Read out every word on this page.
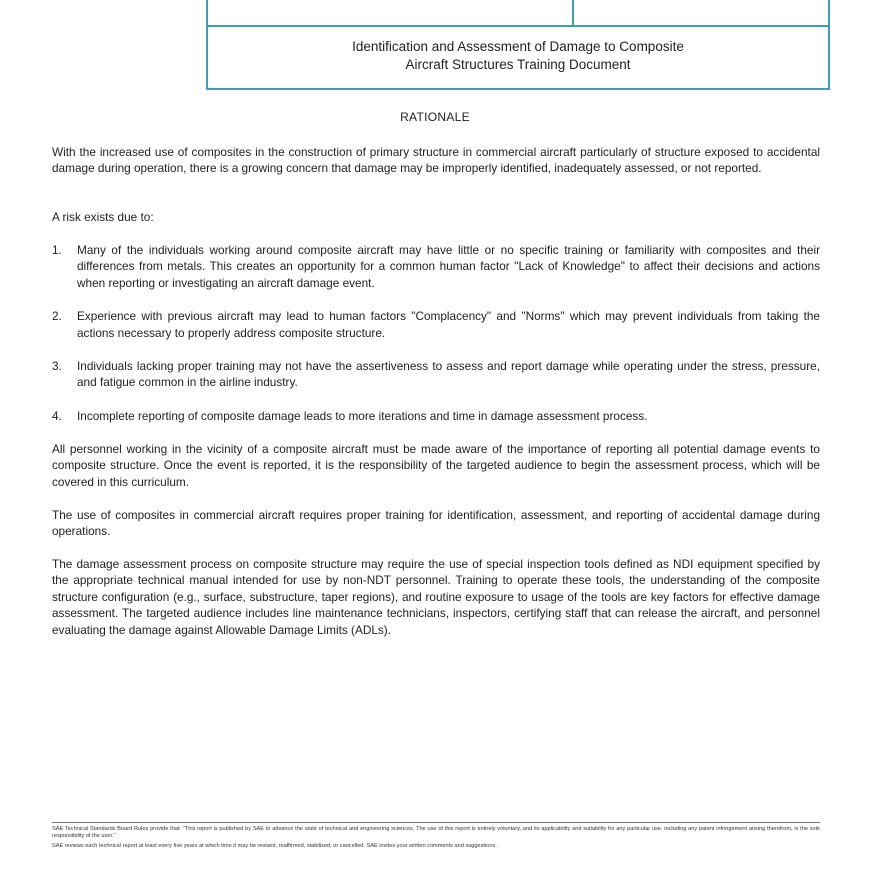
Identification and Assessment of Damage to Composite
Aircraft Structures Training Document
RATIONALE
With the increased use of composites in the construction of primary structure in commercial aircraft particularly of structure exposed to accidental damage during operation, there is a growing concern that damage may be improperly identified, inadequately assessed, or not reported.
A risk exists due to:
1. Many of the individuals working around composite aircraft may have little or no specific training or familiarity with composites and their differences from metals. This creates an opportunity for a common human factor "Lack of Knowledge" to affect their decisions and actions when reporting or investigating an aircraft damage event.
2. Experience with previous aircraft may lead to human factors "Complacency" and "Norms" which may prevent individuals from taking the actions necessary to properly address composite structure.
3. Individuals lacking proper training may not have the assertiveness to assess and report damage while operating under the stress, pressure, and fatigue common in the airline industry.
4. Incomplete reporting of composite damage leads to more iterations and time in damage assessment process.
All personnel working in the vicinity of a composite aircraft must be made aware of the importance of reporting all potential damage events to composite structure. Once the event is reported, it is the responsibility of the targeted audience to begin the assessment process, which will be covered in this curriculum.
The use of composites in commercial aircraft requires proper training for identification, assessment, and reporting of accidental damage during operations.
The damage assessment process on composite structure may require the use of special inspection tools defined as NDI equipment specified by the appropriate technical manual intended for use by non-NDT personnel. Training to operate these tools, the understanding of the composite structure configuration (e.g., surface, substructure, taper regions), and routine exposure to usage of the tools are key factors for effective damage assessment. The targeted audience includes line maintenance technicians, inspectors, certifying staff that can release the aircraft, and personnel evaluating the damage against Allowable Damage Limits (ADLs).

SAE Technical Standards Board Rules provide that: "This report is published by SAE to advance the state of technical and engineering sciences. The use of this report is entirely voluntary, and its applicability and suitability for any particular use, including any patent infringement arising therefrom, is the sole responsibility of the user."

SAE reviews each technical report at least every five years at which time it may be revised, reaffirmed, stabilized, or cancelled. SAE invites your written comments and suggestions.
